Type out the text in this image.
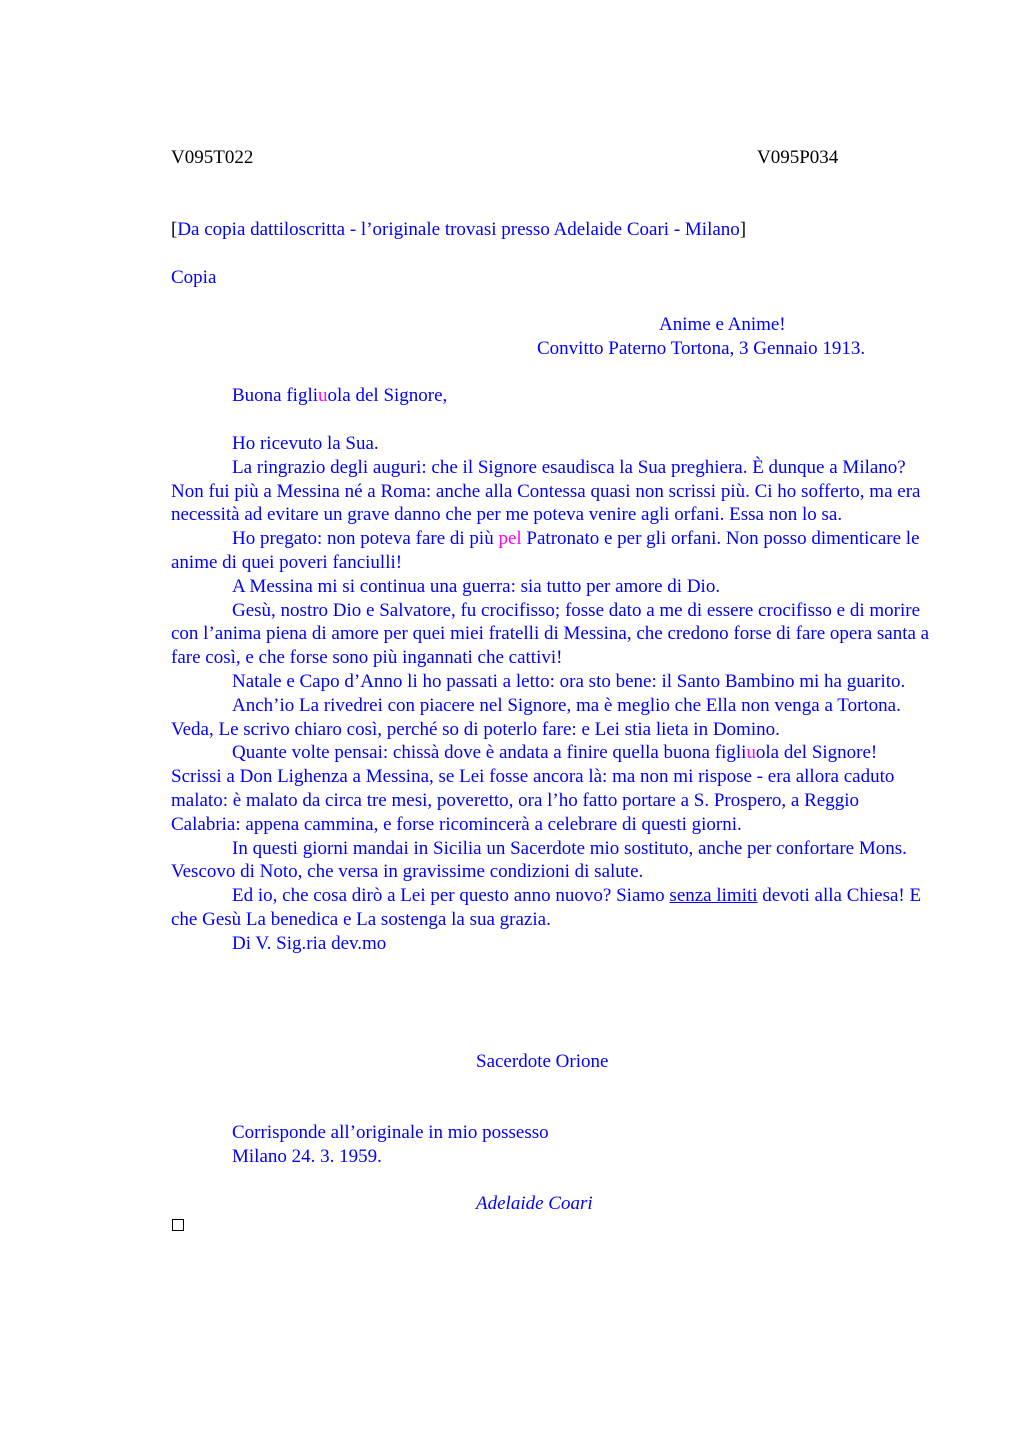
V095T022	V095P034
[Da copia dattiloscritta - l’originale trovasi presso Adelaide Coari - Milano]
Copia
Anime e Anime!
Convitto Paterno Tortona, 3 Gennaio 1913.
Buona figliuola del Signore,

Ho ricevuto la Sua.

La ringrazio degli auguri: che il Signore esaudisca la Sua preghiera. È dunque a Milano? Non fui più a Messina né a Roma: anche alla Contessa quasi non scrissi più. Ci ho sofferto, ma era necessità ad evitare un grave danno che per me poteva venire agli orfani. Essa non lo sa.

Ho pregato: non poteva fare di più pel Patronato e per gli orfani. Non posso dimenticare le anime di quei poveri fanciulli!

A Messina mi si continua una guerra: sia tutto per amore di Dio.

Gesù, nostro Dio e Salvatore, fu crocifisso; fosse dato a me di essere crocifisso e di morire con l’anima piena di amore per quei miei fratelli di Messina, che credono forse di fare opera santa a fare così, e che forse sono più ingannati che cattivi!

Natale e Capo d’Anno li ho passati a letto: ora sto bene: il Santo Bambino mi ha guarito.

Anch’io La rivedrei con piacere nel Signore, ma è meglio che Ella non venga a Tortona. Veda, Le scrivo chiaro così, perché so di poterlo fare: e Lei stia lieta in Domino.

Quante volte pensai: chissà dove è andata a finire quella buona figliuola del Signore! Scrissi a Don Lighenza a Messina, se Lei fosse ancora là: ma non mi rispose - era allora caduto malato: è malato da circa tre mesi, poveretto, ora l’ho fatto portare a S. Prospero, a Reggio Calabria: appena cammina, e forse ricomincerà a celebrare di questi giorni.

In questi giorni mandai in Sicilia un Sacerdote mio sostituto, anche per confortare Mons. Vescovo di Noto, che versa in gravissime condizioni di salute.

Ed io, che cosa dirò a Lei per questo anno nuovo? Siamo senza limiti devoti alla Chiesa! E che Gesù La benedica e La sostenga la sua grazia.

Di V. Sig.ria dev.mo

Sacerdote Orione
Corrisponde all’originale in mio possesso
Milano 24. 3. 1959.
Adelaide Coari
